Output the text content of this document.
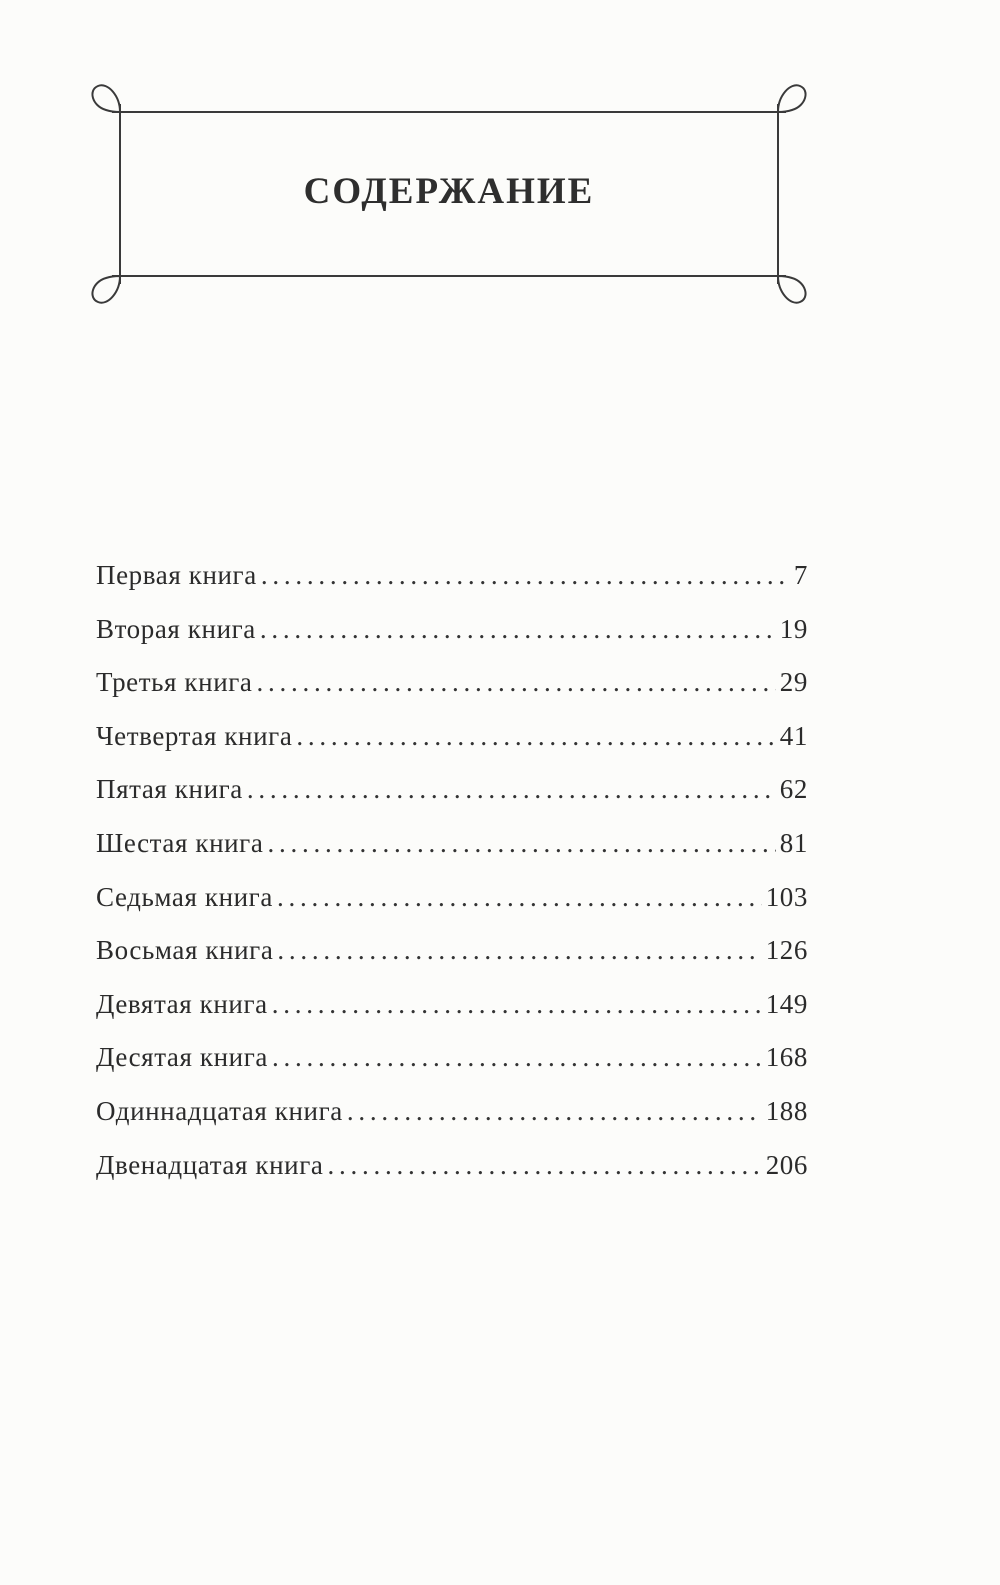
СОДЕРЖАНИЕ
Первая книга . . .	7
Вторая книга . . .	19
Третья книга . . .	29
Четвертая книга . . .	41
Пятая книга . . .	62
Шестая книга . . .	81
Седьмая книга . . .	103
Восьмая книга . . .	126
Девятая книга . . .	149
Десятая книга . . .	168
Одиннадцатая книга . . .	188
Двенадцатая книга . . .	206
